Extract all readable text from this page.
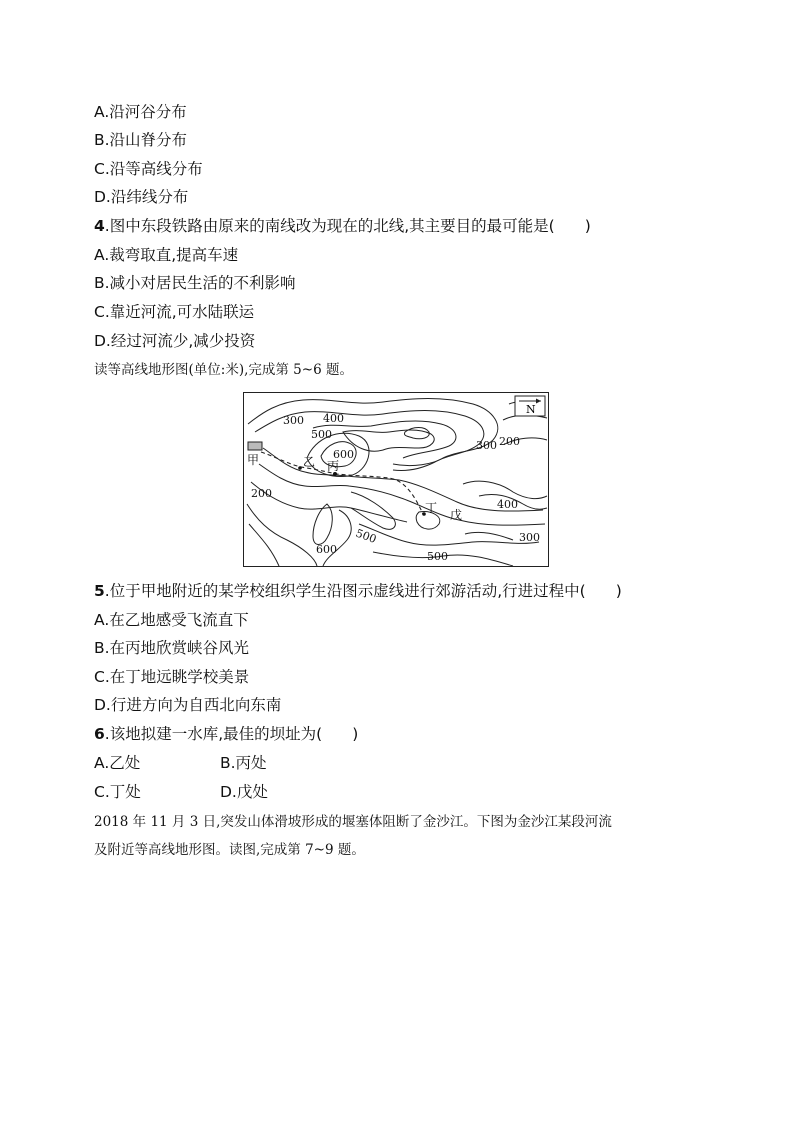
A.沿河谷分布
B.沿山脊分布
C.沿等高线分布
D.沿纬线分布
4.图中东段铁路由原来的南线改为现在的北线,其主要目的最可能是( )
A.裁弯取直,提高车速
B.减小对居民生活的不利影响
C.靠近河流,可水陆联运
D.经过河流少,减少投资
读等高线地形图(单位:米),完成第 5~6 题。
N
300 400
500
600
300 200
200
600
400
300
500
500
甲	乙 丙
丁 戊
5.位于甲地附近的某学校组织学生沿图示虚线进行郊游活动,行进过程中( )
A.在乙地感受飞流直下
B.在丙地欣赏峡谷风光
C.在丁地远眺学校美景
D.行进方向为自西北向东南
6.该地拟建一水库,最佳的坝址为( )
A.乙处	B.丙处
C.丁处	D.戊处
2018 年 11 月 3 日,突发山体滑坡形成的堰塞体阻断了金沙江。下图为金沙江某段河流
及附近等高线地形图。读图,完成第 7~9 题。
